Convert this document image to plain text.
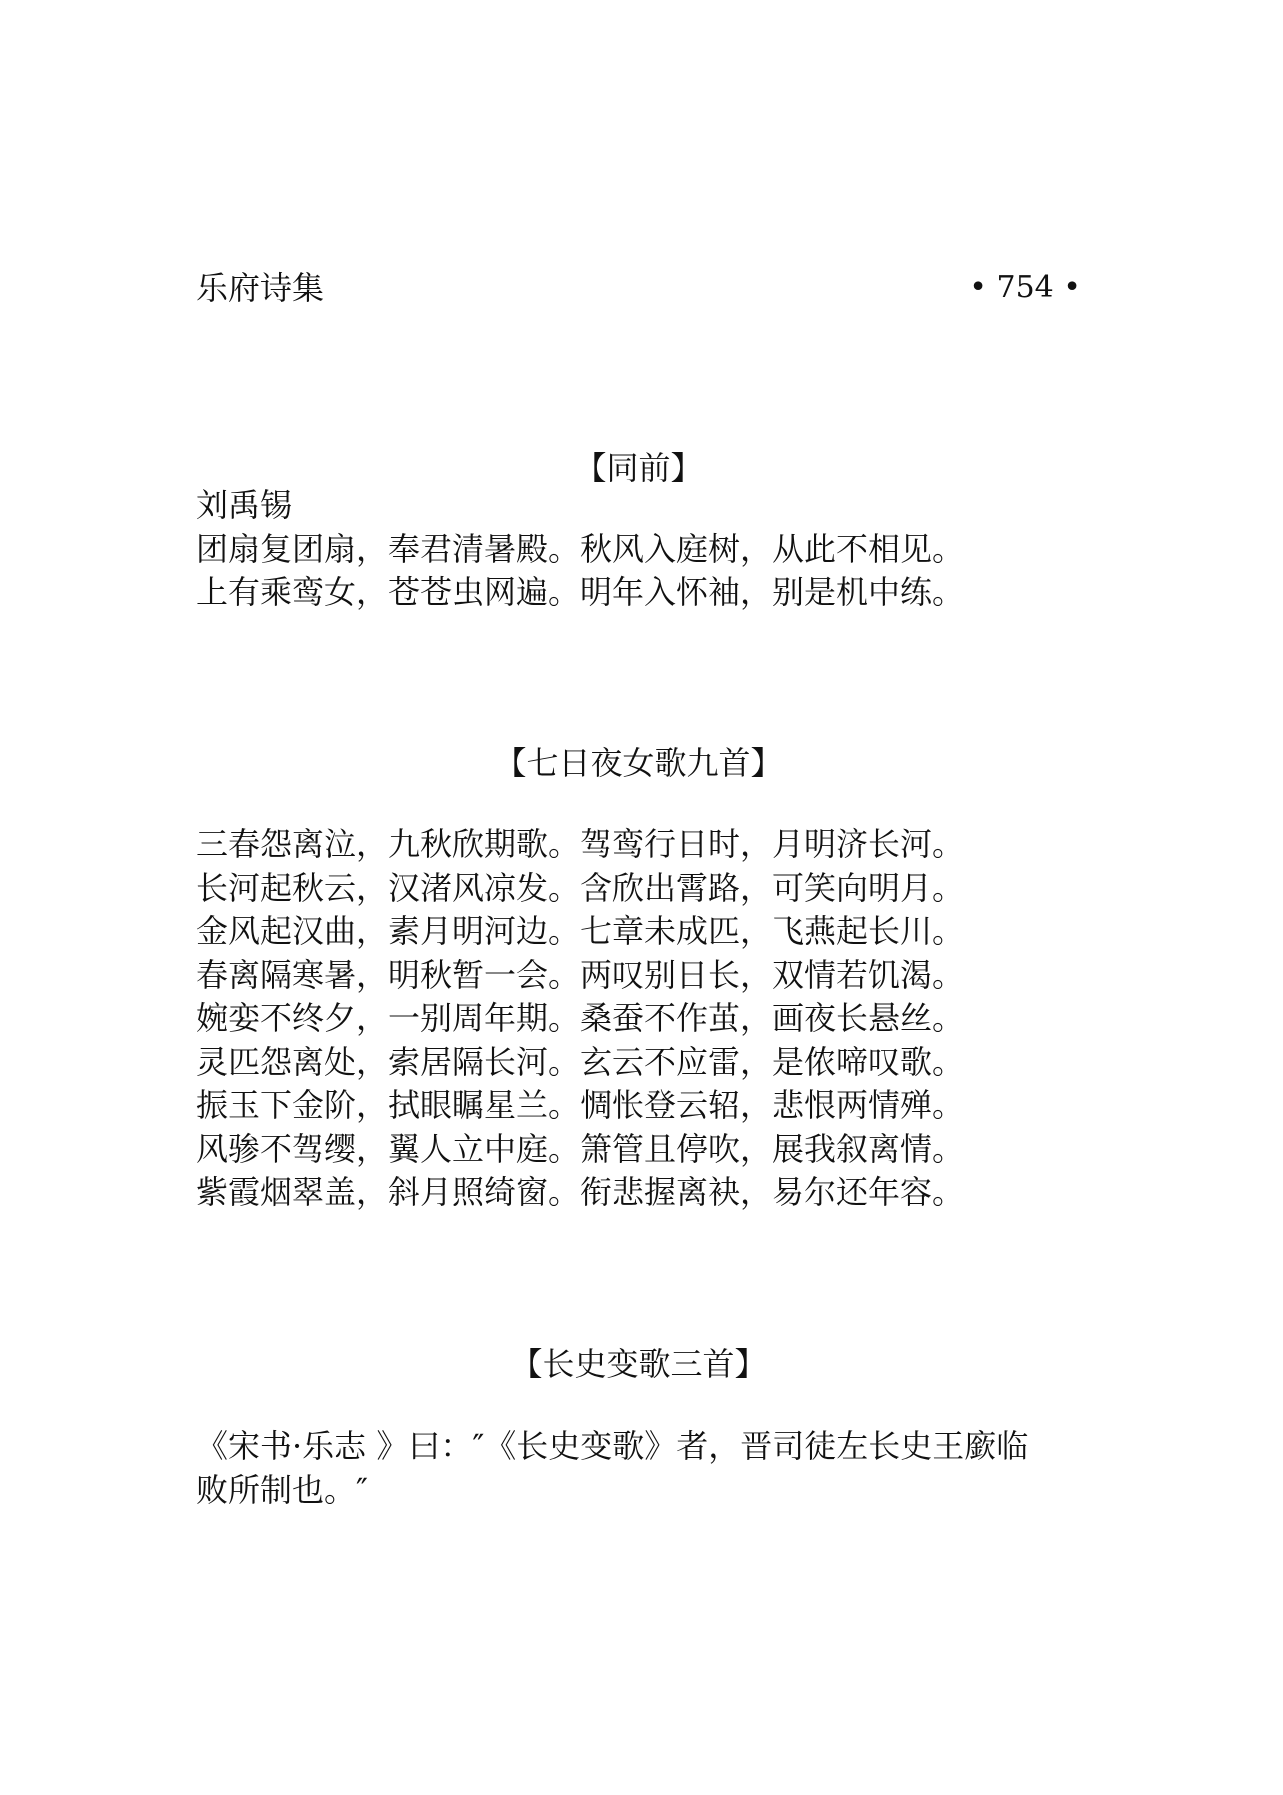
乐府诗集	• 754 •
【同前】
刘禹锡
团扇复团扇，奉君清暑殿。秋风入庭树，从此不相见。
上有乘鸾女，苍苍虫网遍。明年入怀袖，别是机中练。
【七日夜女歌九首】
三春怨离泣，九秋欣期歌。驾鸾行日时，月明济长河。
长河起秋云，汉渚风凉发。含欣出霄路，可笑向明月。
金风起汉曲，素月明河边。七章未成匹，飞燕起长川。
春离隔寒暑，明秋暂一会。两叹别日长，双情若饥渴。
婉娈不终夕，一别周年期。桑蚕不作茧，画夜长悬丝。
灵匹怨离处，索居隔长河。玄云不应雷，是侬啼叹歌。
振玉下金阶，拭眼瞩星兰。惆怅登云轺，悲恨两情殚。
风骖不驾缨，翼人立中庭。箫管且停吹，展我叙离情。
紫霞烟翠盖，斜月照绮窗。衔悲握离袂，易尔还年容。
【长史变歌三首】
《宋书·乐志 》曰：″《长史变歌》者，晋司徒左长史王廞临
败所制也。″
